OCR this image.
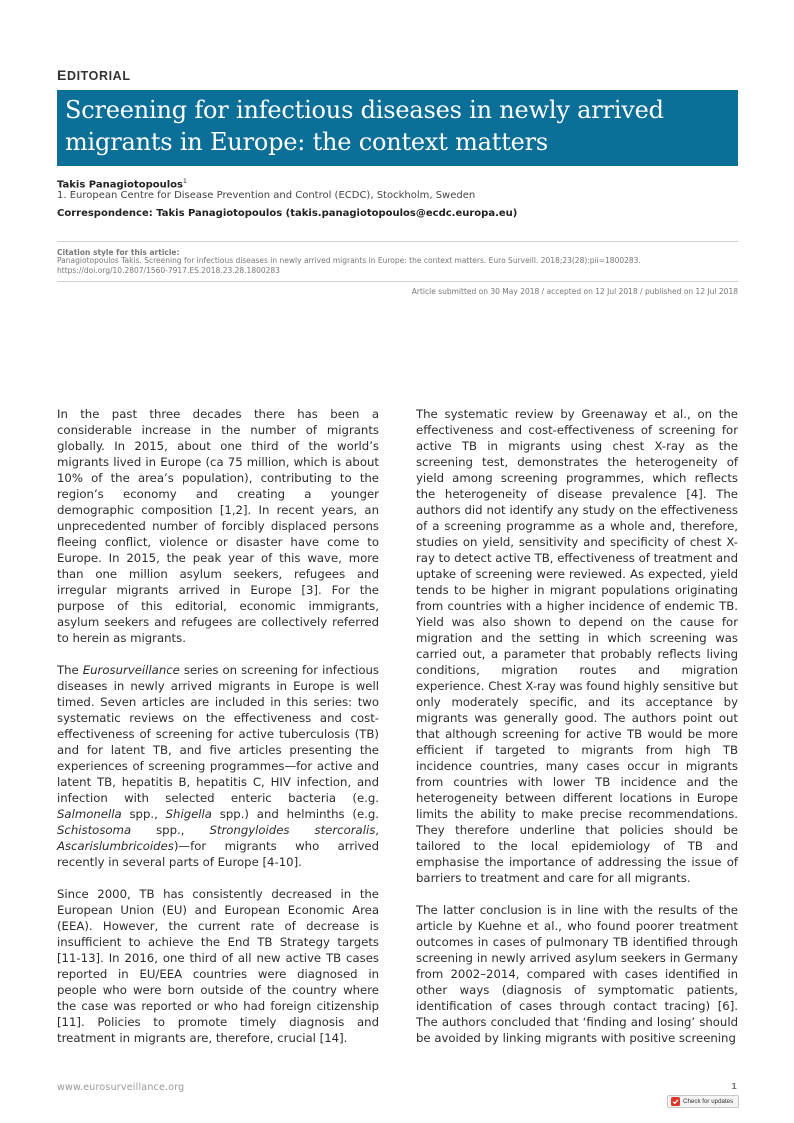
EDITORIAL
Screening for infectious diseases in newly arrived migrants in Europe: the context matters
Takis Panagiotopoulos$^1$
1. European Centre for Disease Prevention and Control (ECDC), Stockholm, Sweden
Correspondence: Takis Panagiotopoulos (takis.panagiotopoulos@ecdc.europa.eu)
Citation style for this article:
Panagiotopoulos Takis. Screening for infectious diseases in newly arrived migrants in Europe: the context matters. Euro Surveill. 2018;23(28):pii=1800283. https://doi.org/10.2807/1560-7917.ES.2018.23.28.1800283
Article submitted on 30 May 2018 / accepted on 12 Jul 2018 / published on 12 Jul 2018

In the past three decades there has been a considerable increase in the number of migrants globally. In 2015, about one third of the world’s migrants lived in Europe (ca 75 million, which is about 10% of the area’s population), contributing to the region’s economy and creating a younger demographic composition [1,2]. In recent years, an unprecedented number of forcibly displaced persons fleeing conflict, violence or disaster have come to Europe. In 2015, the peak year of this wave, more than one million asylum seekers, refugees and irregular migrants arrived in Europe [3]. For the purpose of this editorial, economic immigrants, asylum seekers and refugees are collectively referred to herein as migrants.

The Eurosurveillance series on screening for infectious diseases in newly arrived migrants in Europe is well timed. Seven articles are included in this series: two systematic reviews on the effectiveness and cost-effectiveness of screening for active tuberculosis (TB) and for latent TB, and five articles presenting the experiences of screening programmes—for active and latent TB, hepatitis B, hepatitis C, HIV infection, and infection with selected enteric bacteria (e.g. Salmonella spp., Shigella spp.) and helminths (e.g. Schistosoma spp., Strongyloides stercoralis, Ascarislumbricoides)—for migrants who arrived recently in several parts of Europe [4-10].

Since 2000, TB has consistently decreased in the European Union (EU) and European Economic Area (EEA). However, the current rate of decrease is insufficient to achieve the End TB Strategy targets [11-13]. In 2016, one third of all new active TB cases reported in EU/EEA countries were diagnosed in people who were born outside of the country where the case was reported or who had foreign citizenship [11]. Policies to promote timely diagnosis and treatment in migrants are, therefore, crucial [14].

The systematic review by Greenaway et al., on the effectiveness and cost-effectiveness of screening for active TB in migrants using chest X-ray as the screening test, demonstrates the heterogeneity of yield among screening programmes, which reflects the heterogeneity of disease prevalence [4]. The authors did not identify any study on the effectiveness of a screening programme as a whole and, therefore, studies on yield, sensitivity and specificity of chest X-ray to detect active TB, effectiveness of treatment and uptake of screening were reviewed. As expected, yield tends to be higher in migrant populations originating from countries with a higher incidence of endemic TB. Yield was also shown to depend on the cause for migration and the setting in which screening was carried out, a parameter that probably reflects living conditions, migration routes and migration experience. Chest X-ray was found highly sensitive but only moderately specific, and its acceptance by migrants was generally good. The authors point out that although screening for active TB would be more efficient if targeted to migrants from high TB incidence countries, many cases occur in migrants from countries with lower TB incidence and the heterogeneity between different locations in Europe limits the ability to make precise recommendations. They therefore underline that policies should be tailored to the local epidemiology of TB and emphasise the importance of addressing the issue of barriers to treatment and care for all migrants.

The latter conclusion is in line with the results of the article by Kuehne et al., who found poorer treatment outcomes in cases of pulmonary TB identified through screening in newly arrived asylum seekers in Germany from 2002–2014, compared with cases identified in other ways (diagnosis of symptomatic patients, identification of cases through contact tracing) [6]. The authors concluded that ‘finding and losing’ should be avoided by linking migrants with positive screening

www.eurosurveillance.org	1
Check for updates
